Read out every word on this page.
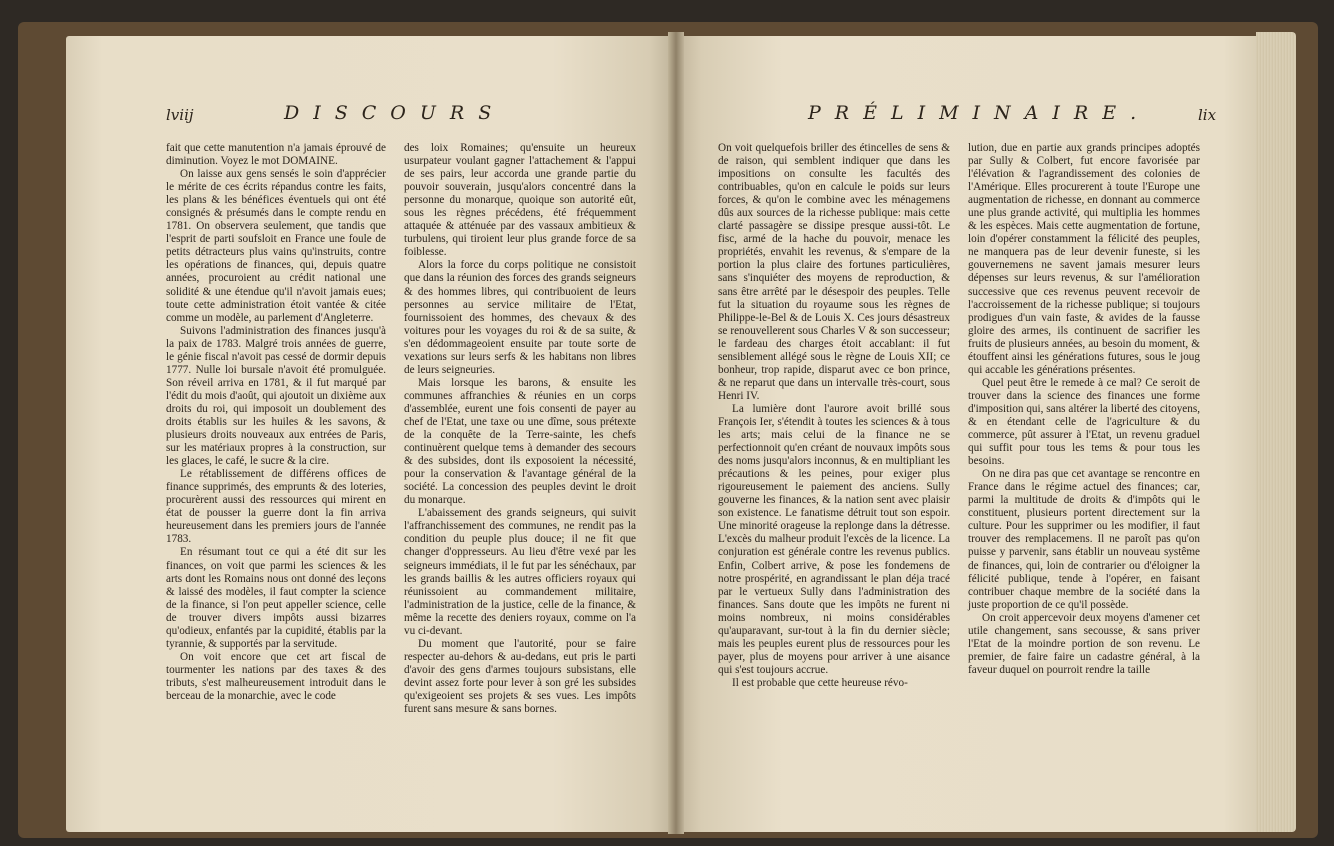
lviij	DISCOURS

fait que cette manutention n'a jamais éprouvé de diminution. Voyez le mot DOMAINE.

On laisse aux gens sensés le soin d'apprécier le mérite de ces écrits répandus contre les faits, les plans & les bénéfices éventuels qui ont été consignés & présumés dans le compte rendu en 1781. On observera seulement, que tandis que l'esprit de parti soufsloit en France une foule de petits détracteurs plus vains qu'instruits, contre les opérations de finances, qui, depuis quatre années, procuroient au crédit national une solidité & une étendue qu'il n'avoit jamais eues; toute cette administration étoit vantée & citée comme un modèle, au parlement d'Angleterre.

Suivons l'administration des finances jusqu'à la paix de 1783. Malgré trois années de guerre, le génie fiscal n'avoit pas cessé de dormir depuis 1777. Nulle loi bursale n'avoit été promulguée. Son réveil arriva en 1781, & il fut marqué par l'édit du mois d'août, qui ajoutoit un dixième aux droits du roi, qui imposoit un doublement des droits établis sur les huiles & les savons, & plusieurs droits nouveaux aux entrées de Paris, sur les matériaux propres à la construction, sur les glaces, le café, le sucre & la cire.

Le rétablissement de différens offices de finance supprimés, des emprunts & des loteries, procurèrent aussi des ressources qui mirent en état de pousser la guerre dont la fin arriva heureusement dans les premiers jours de l'année 1783.

En résumant tout ce qui a été dit sur les finances, on voit que parmi les sciences & les arts dont les Romains nous ont donné des leçons & laissé des modèles, il faut compter la science de la finance, si l'on peut appeller science, celle de trouver divers impôts aussi bizarres qu'odieux, enfantés par la cupidité, établis par la tyrannie, & supportés par la servitude.

On voit encore que cet art fiscal de tourmenter les nations par des taxes & des tributs, s'est malheureusement introduit dans le berceau de la monarchie, avec le code

des loix Romaines; qu'ensuite un heureux usurpateur voulant gagner l'attachement & l'appui de ses pairs, leur accorda une grande partie du pouvoir souverain, jusqu'alors concentré dans la personne du monarque, quoique son autorité eût, sous les règnes précédens, été fréquemment attaquée & atténuée par des vassaux ambitieux & turbulens, qui tiroient leur plus grande force de sa foiblesse.

Alors la force du corps politique ne consistoit que dans la réunion des forces des grands seigneurs & des hommes libres, qui contribuoient de leurs personnes au service militaire de l'Etat, fournissoient des hommes, des chevaux & des voitures pour les voyages du roi & de sa suite, & s'en dédommageoient ensuite par toute sorte de vexations sur leurs serfs & les habitans non libres de leurs seigneuries.

Mais lorsque les barons, & ensuite les communes affranchies & réunies en un corps d'assemblée, eurent une fois consenti de payer au chef de l'Etat, une taxe ou une dîme, sous prétexte de la conquête de la Terre-sainte, les chefs continuèrent quelque tems à demander des secours & des subsides, dont ils exposoient la nécessité, pour la conservation & l'avantage général de la société. La concession des peuples devint le droit du monarque.

L'abaissement des grands seigneurs, qui suivit l'affranchissement des communes, ne rendit pas la condition du peuple plus douce; il ne fit que changer d'oppresseurs. Au lieu d'être vexé par les seigneurs immédiats, il le fut par les sénéchaux, par les grands baillis & les autres officiers royaux qui réunissoient au commandement militaire, l'administration de la justice, celle de la finance, & même la recette des deniers royaux, comme on l'a vu ci-devant.

Du moment que l'autorité, pour se faire respecter au-dehors & au-dedans, eut pris le parti d'avoir des gens d'armes toujours subsistans, elle devint assez forte pour lever à son gré les subsides qu'exigeoient ses projets & ses vues. Les impôts furent sans mesure & sans bornes.

PRÉLIMINAIRE.	lix

On voit quelquefois briller des étincelles de sens & de raison, qui semblent indiquer que dans les impositions on consulte les facultés des contribuables, qu'on en calcule le poids sur leurs forces, & qu'on le combine avec les ménagemens dûs aux sources de la richesse publique: mais cette clarté passagère se dissipe presque aussi-tôt. Le fisc, armé de la hache du pouvoir, menace les propriétés, envahit les revenus, & s'empare de la portion la plus claire des fortunes particulières, sans s'inquiéter des moyens de reproduction, & sans être arrêté par le désespoir des peuples. Telle fut la situation du royaume sous les règnes de Philippe-le-Bel & de Louis X. Ces jours désastreux se renouvellerent sous Charles V & son successeur; le fardeau des charges étoit accablant: il fut sensiblement allégé sous le règne de Louis XII; ce bonheur, trop rapide, disparut avec ce bon prince, & ne reparut que dans un intervalle très-court, sous Henri IV.

La lumière dont l'aurore avoit brillé sous François Ier, s'étendit à toutes les sciences & à tous les arts; mais celui de la finance ne se perfectionnoit qu'en créant de nouvaux impôts sous des noms jusqu'alors inconnus, & en multipliant les précautions & les peines, pour exiger plus rigoureusement le paiement des anciens. Sully gouverne les finances, & la nation sent avec plaisir son existence. Le fanatisme détruit tout son espoir. Une minorité orageuse la replonge dans la détresse. L'excès du malheur produit l'excès de la licence. La conjuration est générale contre les revenus publics. Enfin, Colbert arrive, & pose les fondemens de notre prospérité, en agrandissant le plan déja tracé par le vertueux Sully dans l'administration des finances. Sans doute que les impôts ne furent ni moins nombreux, ni moins considérables qu'auparavant, sur-tout à la fin du dernier siècle; mais les peuples eurent plus de ressources pour les payer, plus de moyens pour arriver à une aisance qui s'est toujours accrue.

Il est probable que cette heureuse révo-

lution, due en partie aux grands principes adoptés par Sully & Colbert, fut encore favorisée par l'élévation & l'agrandissement des colonies de l'Amérique. Elles procurerent à toute l'Europe une augmentation de richesse, en donnant au commerce une plus grande activité, qui multiplia les hommes & les espèces. Mais cette augmentation de fortune, loin d'opérer constamment la félicité des peuples, ne manquera pas de leur devenir funeste, si les gouvernemens ne savent jamais mesurer leurs dépenses sur leurs revenus, & sur l'amélioration successive que ces revenus peuvent recevoir de l'accroissement de la richesse publique; si toujours prodigues d'un vain faste, & avides de la fausse gloire des armes, ils continuent de sacrifier les fruits de plusieurs années, au besoin du moment, & étouffent ainsi les générations futures, sous le joug qui accable les générations présentes.

Quel peut être le remede à ce mal? Ce seroit de trouver dans la science des finances une forme d'imposition qui, sans altérer la liberté des citoyens, & en étendant celle de l'agriculture & du commerce, pût assurer à l'Etat, un revenu graduel qui suffit pour tous les tems & pour tous les besoins.

On ne dira pas que cet avantage se rencontre en France dans le régime actuel des finances; car, parmi la multitude de droits & d'impôts qui le constituent, plusieurs portent directement sur la culture. Pour les supprimer ou les modifier, il faut trouver des remplacemens. Il ne paroît pas qu'on puisse y parvenir, sans établir un nouveau systême de finances, qui, loin de contrarier ou d'éloigner la félicité publique, tende à l'opérer, en faisant contribuer chaque membre de la société dans la juste proportion de ce qu'il possède.

On croit appercevoir deux moyens d'amener cet utile changement, sans secousse, & sans priver l'Etat de la moindre portion de son revenu. Le premier, de faire faire un cadastre général, à la faveur duquel on pourroit rendre la taille
